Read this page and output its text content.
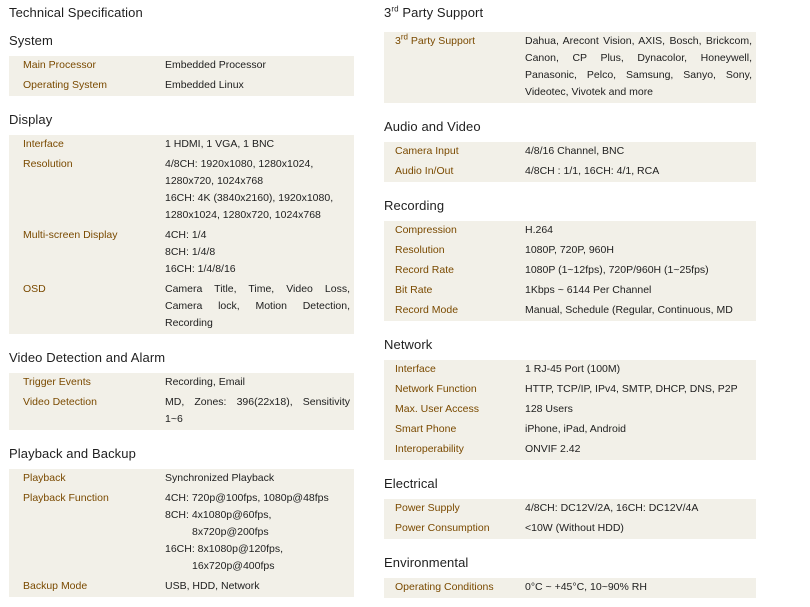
Technical Specification
System
Main Processor	Embedded Processor
Operating System	Embedded Linux
Display
Interface	1 HDMI, 1 VGA, 1 BNC
Resolution	4/8CH: 1920x1080, 1280x1024,
1280x720, 1024x768
16CH: 4K (3840x2160), 1920x1080,
1280x1024, 1280x720, 1024x768

Multi-screen Display	4CH: 1/4
8CH: 1/4/8
16CH: 1/4/8/16

OSD	Camera Title, Time, Video Loss,
Camera lock, Motion Detection,
Recording
Video Detection and Alarm
Trigger Events	Recording, Email
Video Detection	MD, Zones: 396(22x18), Sensitivity
1~6
Playback and Backup
Playback	Synchronized Playback
Playback Function	4CH: 720p@100fps, 1080p@48fps
8CH: 4x1080p@60fps,
8x720p@200fps
16CH: 8x1080p@120fps,
16x720p@400fps

Backup Mode	USB, HDD, Network
3rd Party Support
3rd Party Support	Dahua, Arecont Vision, AXIS, Bosch, Brickcom,
Canon, CP Plus, Dynacolor, Honeywell,
Panasonic, Pelco, Samsung, Sanyo, Sony,
Videotec, Vivotek and more
Audio and Video
Camera Input	4/8/16 Channel, BNC
Audio In/Out	4/8CH : 1/1, 16CH: 4/1, RCA
Recording
Compression	H.264
Resolution	1080P, 720P, 960H
Record Rate	1080P (1~12fps), 720P/960H (1~25fps)
Bit Rate	1Kbps ~ 6144 Per Channel
Record Mode	Manual, Schedule (Regular, Continuous, MD
Network
Interface	1 RJ-45 Port (100M)
Network Function	HTTP, TCP/IP, IPv4, SMTP, DHCP, DNS, P2P
Max. User Access	128 Users
Smart Phone	iPhone, iPad, Android
Interoperability	ONVIF 2.42
Electrical
Power Supply	4/8CH: DC12V/2A, 16CH: DC12V/4A
Power Consumption	<10W (Without HDD)
Environmental
Operating Conditions	0°C ~ +45°C, 10~90% RH
